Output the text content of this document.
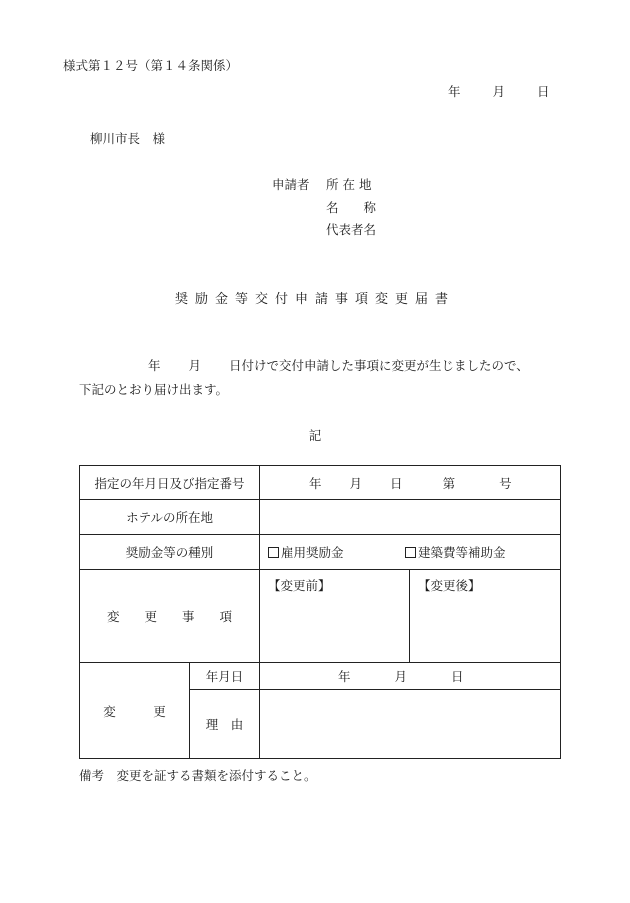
様式第１２号（第１４条関係）
年	月	日
柳川市長　様
申請者	所 在 地
名　　称
代表者名
奨励金等交付申請事項変更届書
年 月 日付けで交付申請した事項に変更が生じましたので、
下記のとおり届け出ます。
記
指定の年月日及び指定番号		年 月 日 第 号	

ホテルの所在地			
奨励金等の種別		雇用奨励金 建築費等補助金	

変　　更　　事　　項		【変更前】	【変更後】
変　　　更	年月日	年 月 日	

	理　由		
備考　変更を証する書類を添付すること。
